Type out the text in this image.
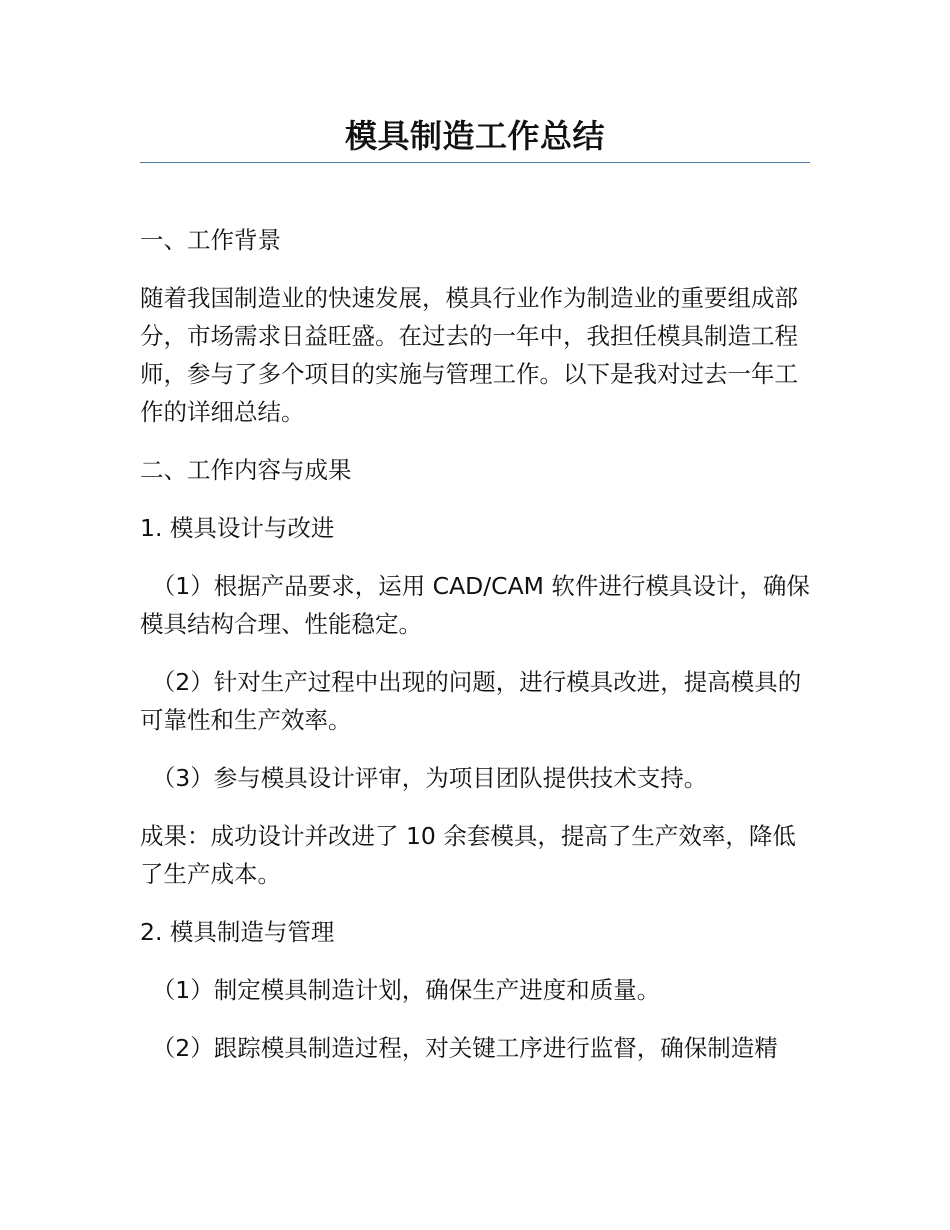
模具制造工作总结

一、工作背景

随着我国制造业的快速发展，模具行业作为制造业的重要组成部分，市场需求日益旺盛。在过去的一年中，我担任模具制造工程师，参与了多个项目的实施与管理工作。以下是我对过去一年工作的详细总结。

二、工作内容与成果

1. 模具设计与改进

（1）根据产品要求，运用 CAD/CAM 软件进行模具设计，确保模具结构合理、性能稳定。

（2）针对生产过程中出现的问题，进行模具改进，提高模具的可靠性和生产效率。

（3）参与模具设计评审，为项目团队提供技术支持。

成果：成功设计并改进了 10 余套模具，提高了生产效率，降低了生产成本。

2. 模具制造与管理

（1）制定模具制造计划，确保生产进度和质量。

（2）跟踪模具制造过程，对关键工序进行监督，确保制造精
